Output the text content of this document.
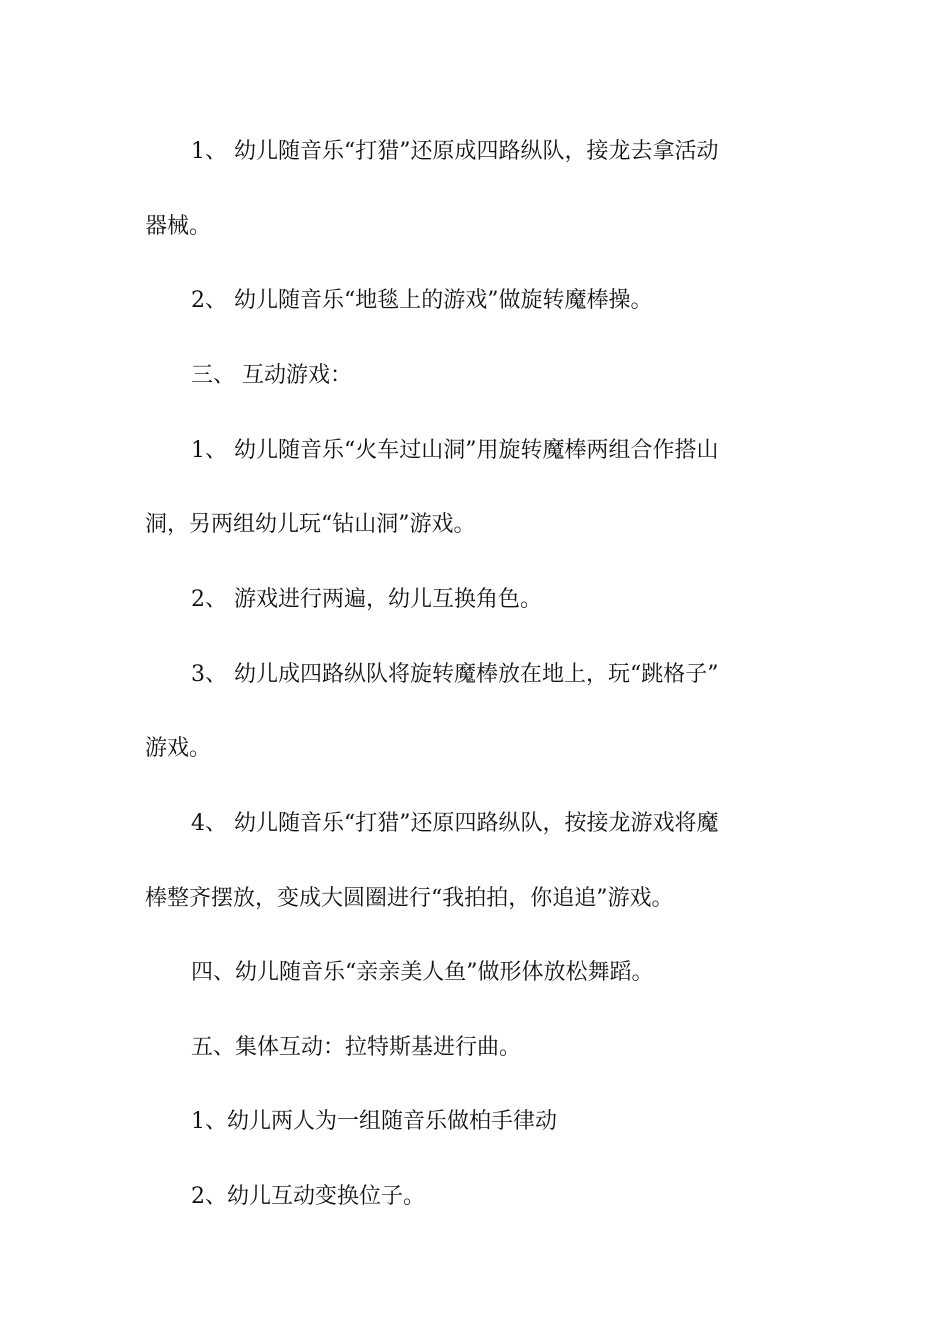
1、 幼儿随音乐“打猎”还原成四路纵队，接龙去拿活动
器械。
2、 幼儿随音乐“地毯上的游戏”做旋转魔棒操。
三、 互动游戏：
1、 幼儿随音乐“火车过山洞”用旋转魔棒两组合作搭山
洞，另两组幼儿玩“钻山洞”游戏。
2、 游戏进行两遍，幼儿互换角色。
3、 幼儿成四路纵队将旋转魔棒放在地上，玩“跳格子”
游戏。
4、 幼儿随音乐“打猎”还原四路纵队，按接龙游戏将魔
棒整齐摆放，变成大圆圈进行“我拍拍，你追追”游戏。
四、幼儿随音乐“亲亲美人鱼”做形体放松舞蹈。
五、集体互动：拉特斯基进行曲。
1、幼儿两人为一组随音乐做柏手律动
2、幼儿互动变换位子。
